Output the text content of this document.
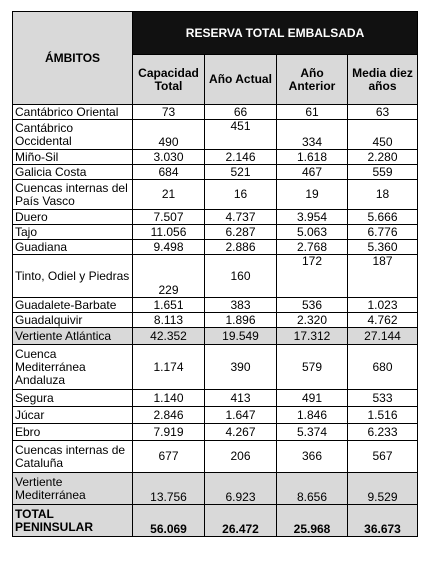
ÁMBITOS	RESERVA TOTAL EMBALSADA			
	Capacidad Total	Año Actual	Año Anterior	Media diez años
Cantábrico Oriental	73	66	61	63
Cantábrico Occidental	490	451	334	450
Miño-Sil	3.030	2.146	1.618	2.280
Galicia Costa	684	521	467	559
Cuencas internas del País Vasco	21	16	19	18
Duero	7.507	4.737	3.954	5.666
Tajo	11.056	6.287	5.063	6.776
Guadiana	9.498	2.886	2.768	5.360
Tinto, Odiel y Piedras	229	160	172	187
Guadalete-Barbate	1.651	383	536	1.023
Guadalquivir	8.113	1.896	2.320	4.762
Vertiente Atlántica	42.352	19.549	17.312	27.144
Cuenca Mediterránea Andaluza	1.174	390	579	680
Segura	1.140	413	491	533
Júcar	2.846	1.647	1.846	1.516
Ebro	7.919	4.267	5.374	6.233
Cuencas internas de Cataluña	677	206	366	567
Vertiente Mediterránea	13.756	6.923	8.656	9.529
TOTAL PENINSULAR	56.069	26.472	25.968	36.673
